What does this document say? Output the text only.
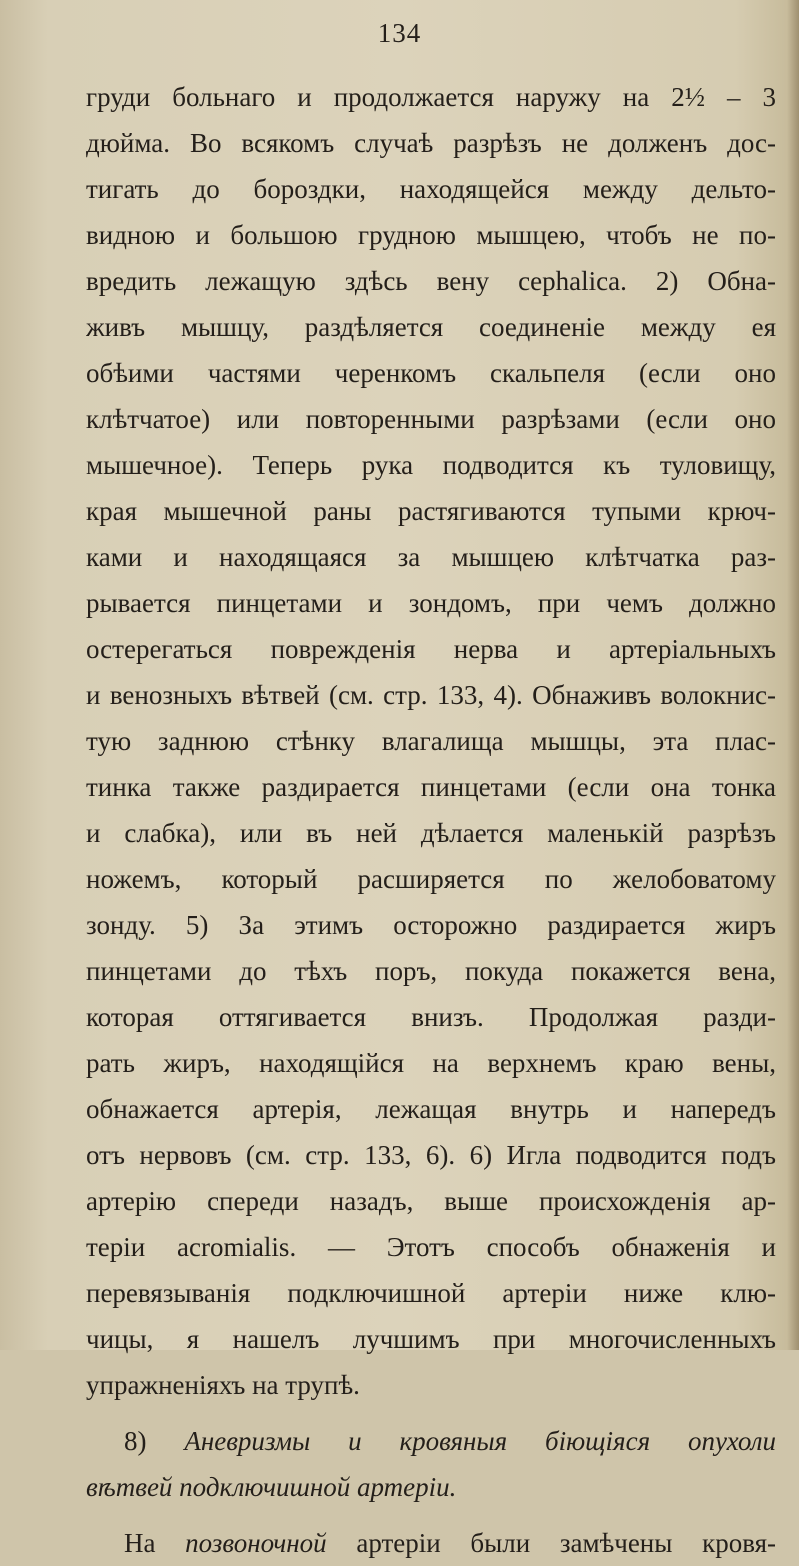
134
груди больнаго и продолжается наружу на 2½ – 3
дюйма. Во всякомъ случаѣ разрѣзъ не долженъ дос-
тигать до бороздки, находящейся между дельто-
видною и большою грудною мышцею, чтобъ не по-
вредить лежащую здѣсь вену cephalica. 2) Обна-
живъ мышцу, раздѣляется соединеніе между ея
обѣими частями черенкомъ скальпеля (если оно
клѣтчатое) или повторенными разрѣзами (если оно
мышечное). Теперь рука подводится къ туловищу,
края мышечной раны растягиваются тупыми крюч-
ками и находящаяся за мышцею клѣтчатка раз-
рывается пинцетами и зондомъ, при чемъ должно
остерегаться поврежденія нерва и артеріальныхъ
и венозныхъ вѣтвей (см. стр. 133, 4). Обнаживъ волокнис-
тую заднюю стѣнку влагалища мышцы, эта плас-
тинка также раздирается пинцетами (если она тонка
и слабка), или въ ней дѣлается маленькій разрѣзъ
ножемъ, который расширяется по желобоватому
зонду. 5) За этимъ осторожно раздирается жиръ
пинцетами до тѣхъ поръ, покуда покажется вена,
которая оттягивается внизъ. Продолжая разди-
рать жиръ, находящійся на верхнемъ краю вены,
обнажается артерія, лежащая внутрь и напередъ
отъ нервовъ (см. стр. 133, 6). 6) Игла подводится подъ
артерію спереди назадъ, выше происхожденія ар-
теріи acromialis. — Этотъ способъ обнаженія и
перевязыванія подключишной артеріи ниже клю-
чицы, я нашелъ лучшимъ при многочисленныхъ
упражненіяхъ на трупѣ.
8) Аневризмы и кровяныя біющіяся опухоли
вѣтвей подключишной артеріи.
На позвоночной артеріи были замѣчены кровя-
